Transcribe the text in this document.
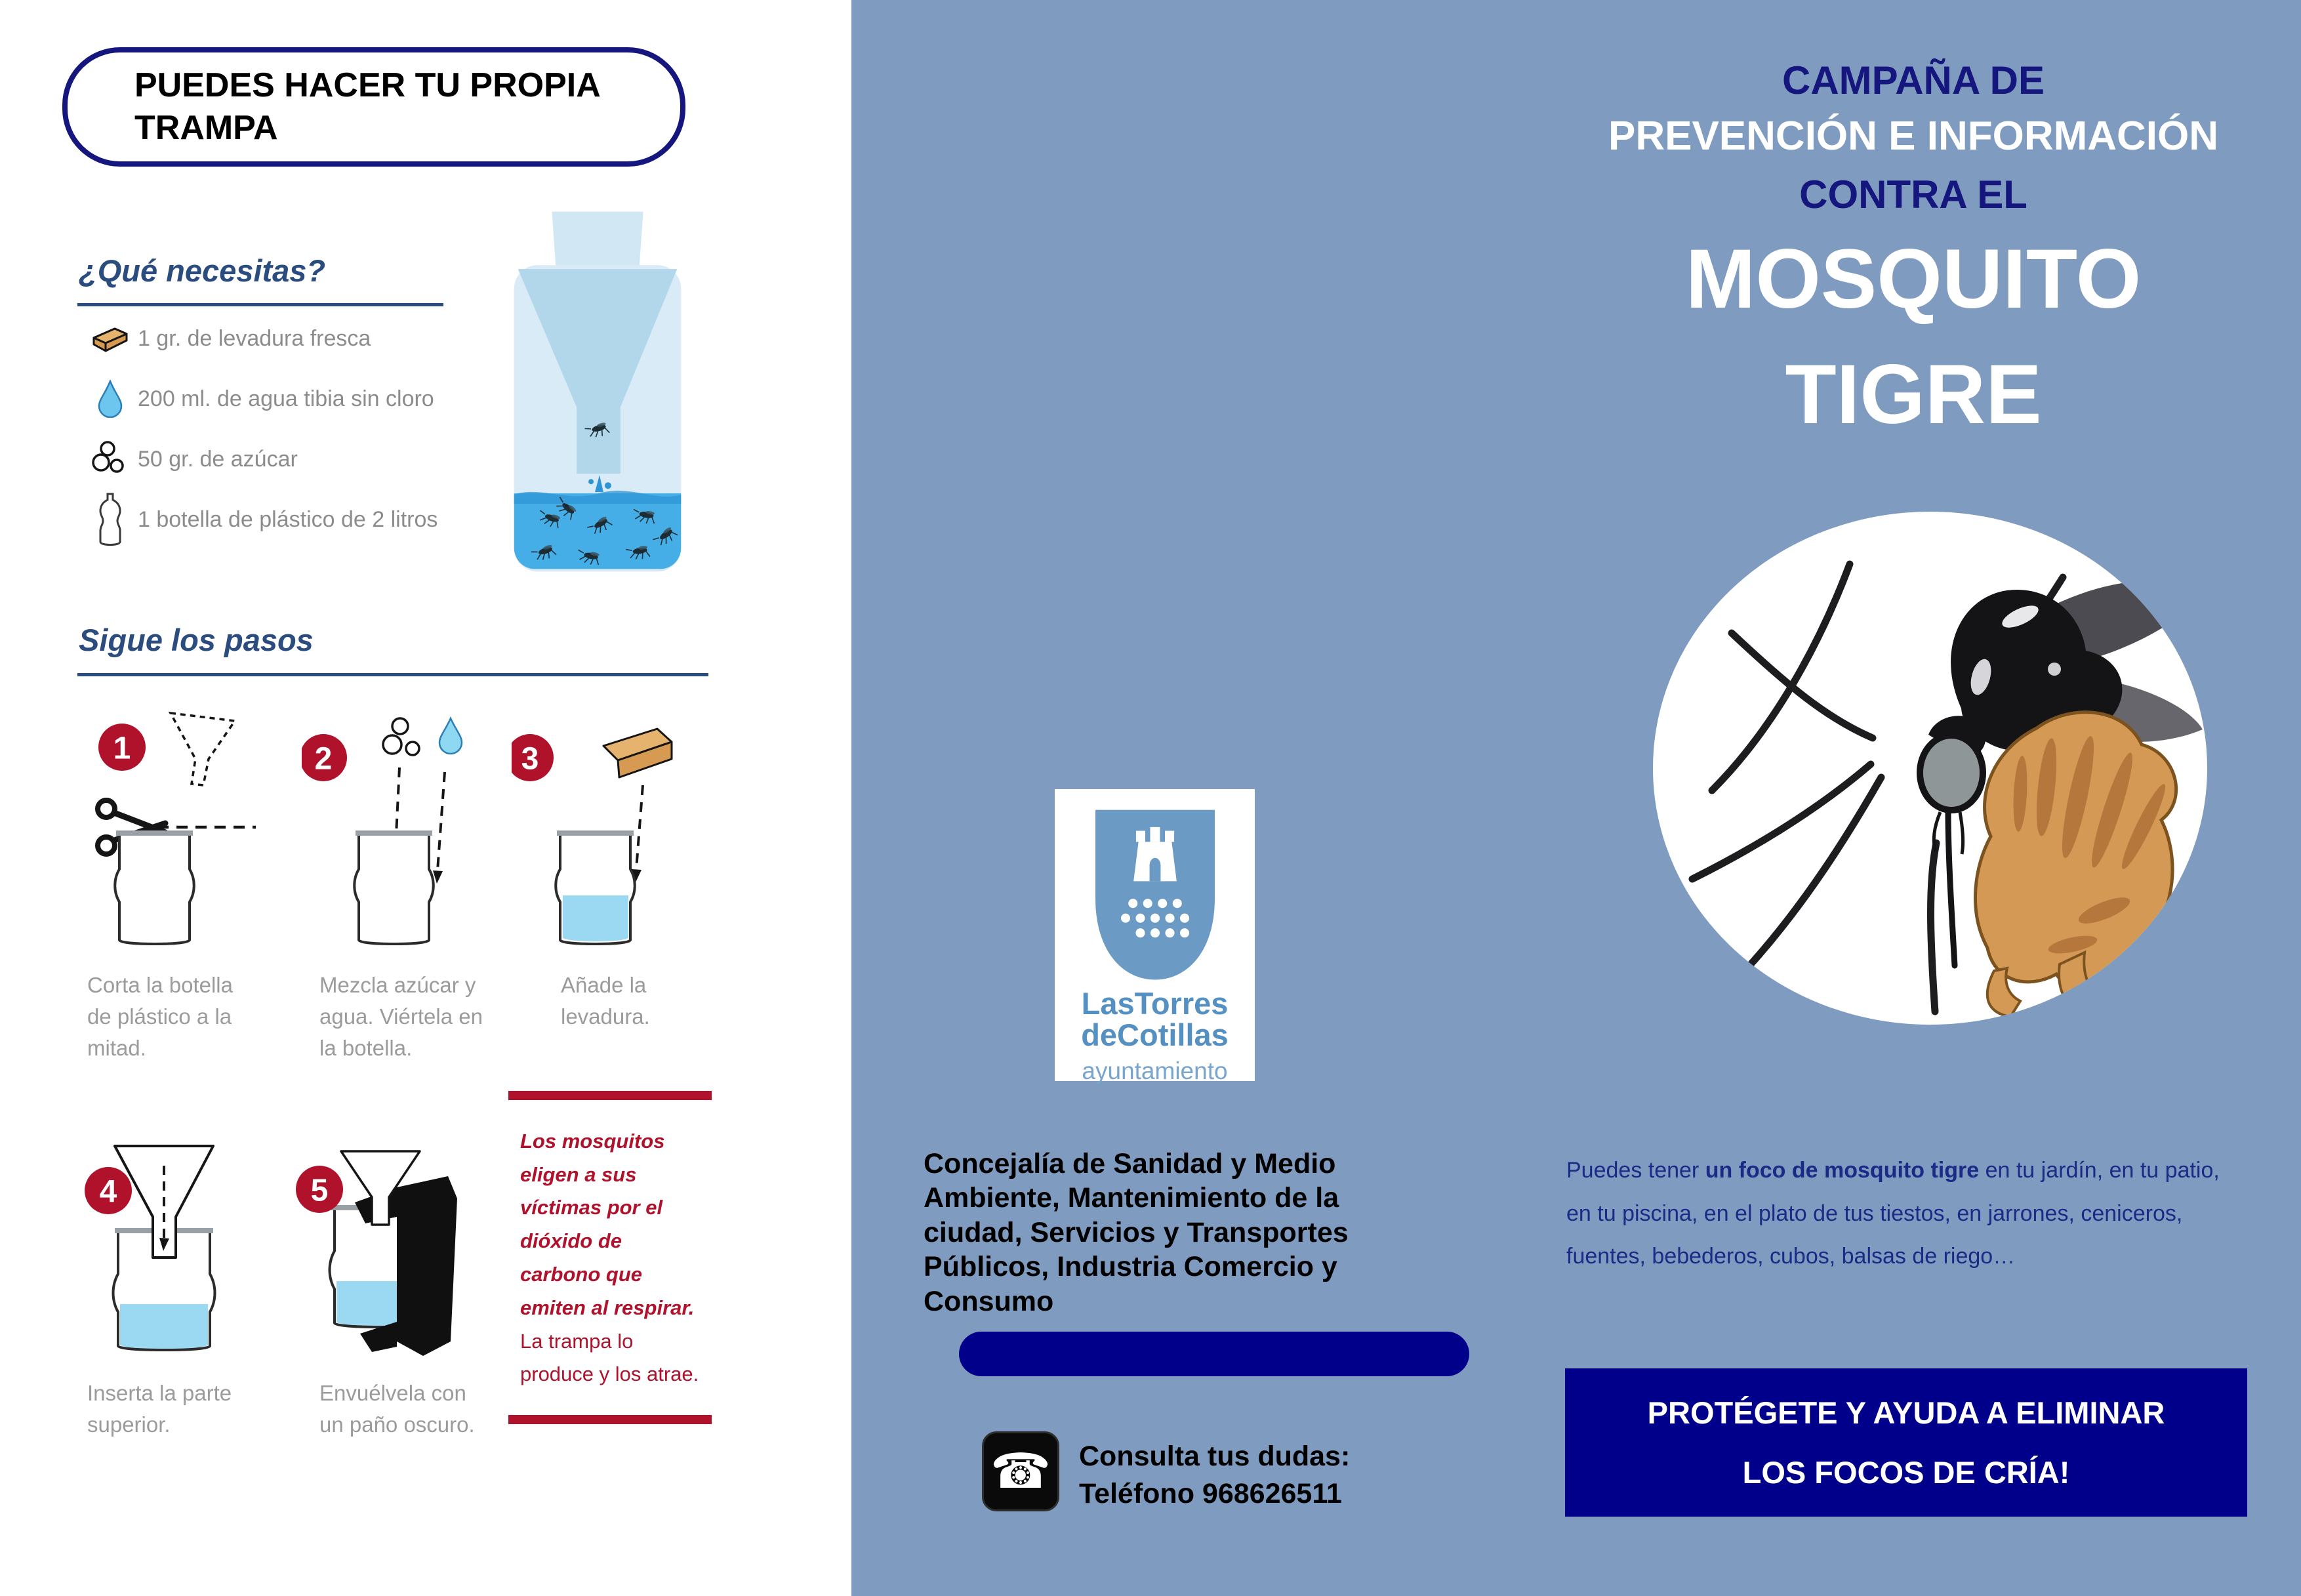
PUEDES HACER TU PROPIA TRAMPA
¿Qué necesitas?
1 gr. de levadura fresca
200 ml. de agua tibia sin cloro
50 gr. de azúcar
1 botella de plástico de 2 litros
Sigue los pasos
1	2	3
4	5
Corta la botella de plástico a la mitad.
Mezcla azúcar y agua. Viértela en la botella.
Añade la levadura.
Inserta la parte superior.
Envuélvela con un paño oscuro.
Los mosquitos eligen a sus víctimas por el dióxido de carbono que emiten al respirar. La trampa lo produce y los atrae.
LasTorres
deCotillas
ayuntamiento
Concejalía de Sanidad y Medio Ambiente, Mantenimiento de la ciudad, Servicios y Transportes Públicos, Industria Comercio y Consumo
☎ Consulta tus dudas:
Teléfono 968626511
CAMPAÑA DE
PREVENCIÓN E INFORMACIÓN
CONTRA EL
MOSQUITO
TIGRE
Puedes tener un foco de mosquito tigre en tu jardín, en tu patio, en tu piscina, en el plato de tus tiestos, en jarrones, ceniceros, fuentes, bebederos, cubos, balsas de riego…
PROTÉGETE Y AYUDA A ELIMINAR
LOS FOCOS DE CRÍA!
